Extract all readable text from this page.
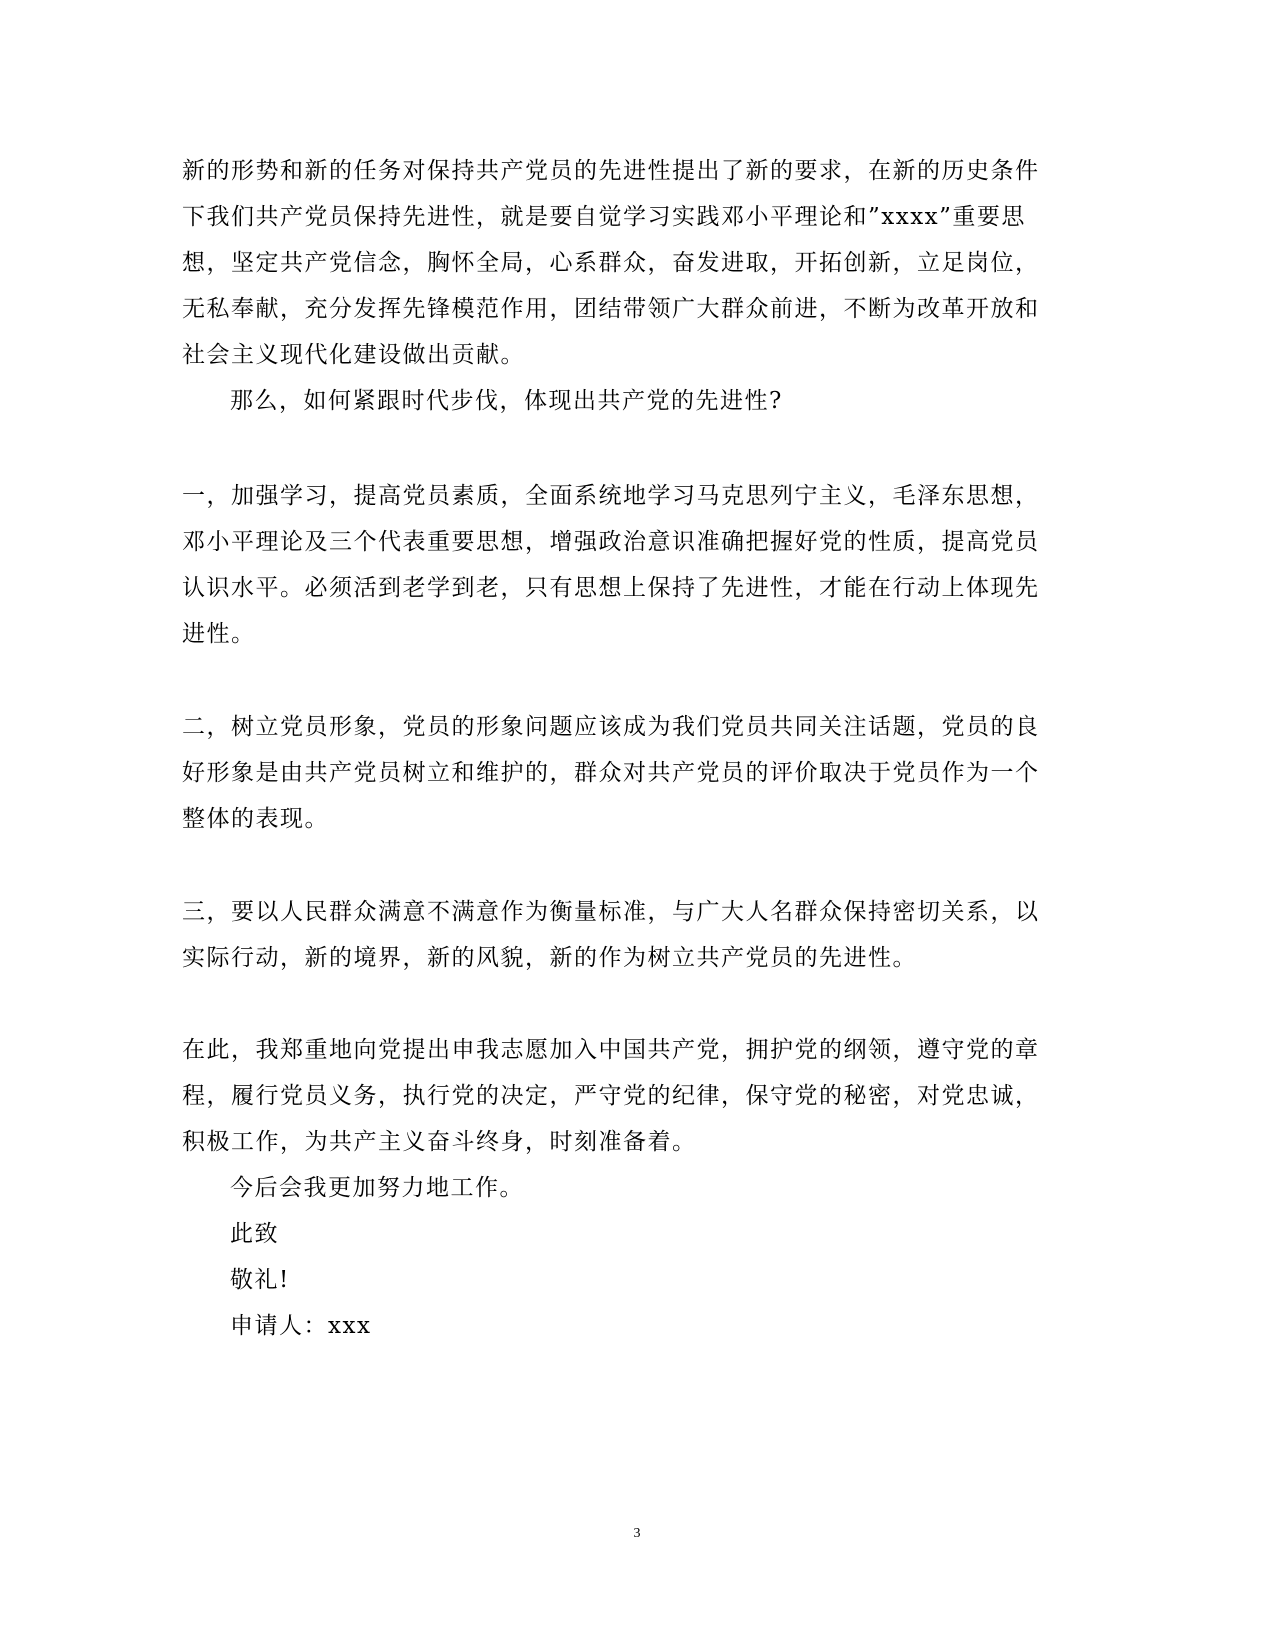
新的形势和新的任务对保持共产党员的先进性提出了新的要求，在新的历史条件
下我们共产党员保持先进性，就是要自觉学习实践邓小平理论和”xxxx”重要思
想，坚定共产党信念，胸怀全局，心系群众，奋发进取，开拓创新，立足岗位，
无私奉献，充分发挥先锋模范作用，团结带领广大群众前进，不断为改革开放和
社会主义现代化建设做出贡献。
那么，如何紧跟时代步伐，体现出共产党的先进性?
一，加强学习，提高党员素质，全面系统地学习马克思列宁主义，毛泽东思想，
邓小平理论及三个代表重要思想，增强政治意识准确把握好党的性质，提高党员
认识水平。必须活到老学到老，只有思想上保持了先进性，才能在行动上体现先
进性。
二，树立党员形象，党员的形象问题应该成为我们党员共同关注话题，党员的良
好形象是由共产党员树立和维护的，群众对共产党员的评价取决于党员作为一个
整体的表现。
三，要以人民群众满意不满意作为衡量标准，与广大人名群众保持密切关系，以
实际行动，新的境界，新的风貌，新的作为树立共产党员的先进性。
在此，我郑重地向党提出申我志愿加入中国共产党，拥护党的纲领，遵守党的章
程，履行党员义务，执行党的决定，严守党的纪律，保守党的秘密，对党忠诚，
积极工作，为共产主义奋斗终身，时刻准备着。
今后会我更加努力地工作。
此致
敬礼!
申请人：xxx
3
